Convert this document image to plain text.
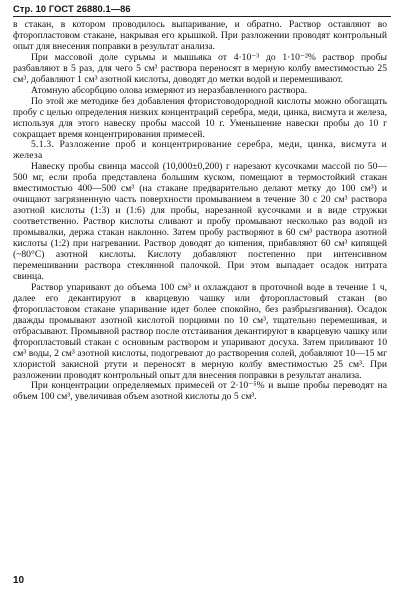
Стр. 10 ГОСТ 26880.1—86

в стакан, в котором проводилось выпаривание, и обратно. Раствор оставляют во фторопластовом стакане, накрывая его крышкой. При разложении проводят контрольный опыт для внесения поправки в результат анализа.

При массовой доле сурьмы и мышьяка от 4·10⁻³ до 1·10⁻²% раствор пробы разбавляют в 5 раз, для чего 5 см³ раствора переносят в мерную колбу вместимостью 25 см³, добавляют 1 см³ азотной кислоты, доводят до метки водой и перемешивают.

Атомную абсорбцию олова измеряют из неразбавленного раствора.

По этой же методике без добавления фтористоводородной кислоты можно обогащать пробу с целью определения низких концентраций серебра, меди, цинка, висмута и железа, используя для этого навеску пробы массой 10 г. Уменьшение навески пробы до 10 г сокращает время концентрирования примесей.

5.1.3. Разложение проб и концентрирование серебра, меди, цинка, висмута и железа

Навеску пробы свинца массой (10,000±0,200) г нарезают кусочками массой по 50—500 мг, если проба представлена большим куском, помещают в термостойкий стакан вместимостью 400—500 см³ (на стакане предварительно делают метку до 100 см³) и очищают загрязненную часть поверхности промыванием в течение 30 с 20 см³ раствора азотной кислоты (1:3) и (1:6) для пробы, нарезанной кусочками и в виде стружки соответственно. Раствор кислоты сливают и пробу промывают несколько раз водой из промывалки, держа стакан наклонно. Затем пробу растворяют в 60 см³ раствора азотной кислоты (1:2) при нагревании. Раствор доводят до кипения, прибавляют 60 см³ кипящей (~80°С) азотной кислоты. Кислоту добавляют постепенно при интенсивном перемешивании раствора стеклянной палочкой. При этом выпадает осадок нитрата свинца.

Раствор упаривают до объема 100 см³ и охлаждают в проточной воде в течение 1 ч, далее его декантируют в кварцевую чашку или фторопластовый стакан (во фторопластовом стакане упаривание идет более спокойно, без разбрызгивания). Осадок дважды промывают азотной кислотой порциями по 10 см³, тщательно перемешивая, и отбрасывают. Промывной раствор после отстаивания декантируют в кварцевую чашку или фторопластовый стакан с основным раствором и упаривают досуха. Затем приливают 10 см³ воды, 2 см³ азотной кислоты, подогревают до растворения солей, добавляют 10—15 мг хлористой закисной ртути и переносят в мерную колбу вместимостью 25 см³. При разложении проводят контрольный опыт для внесения поправки в результат анализа.

При концентрации определяемых примесей от 2·10⁻⁵% и выше пробы переводят на объем 100 см³, увеличивая объем азотной кислоты до 5 см³.

10
